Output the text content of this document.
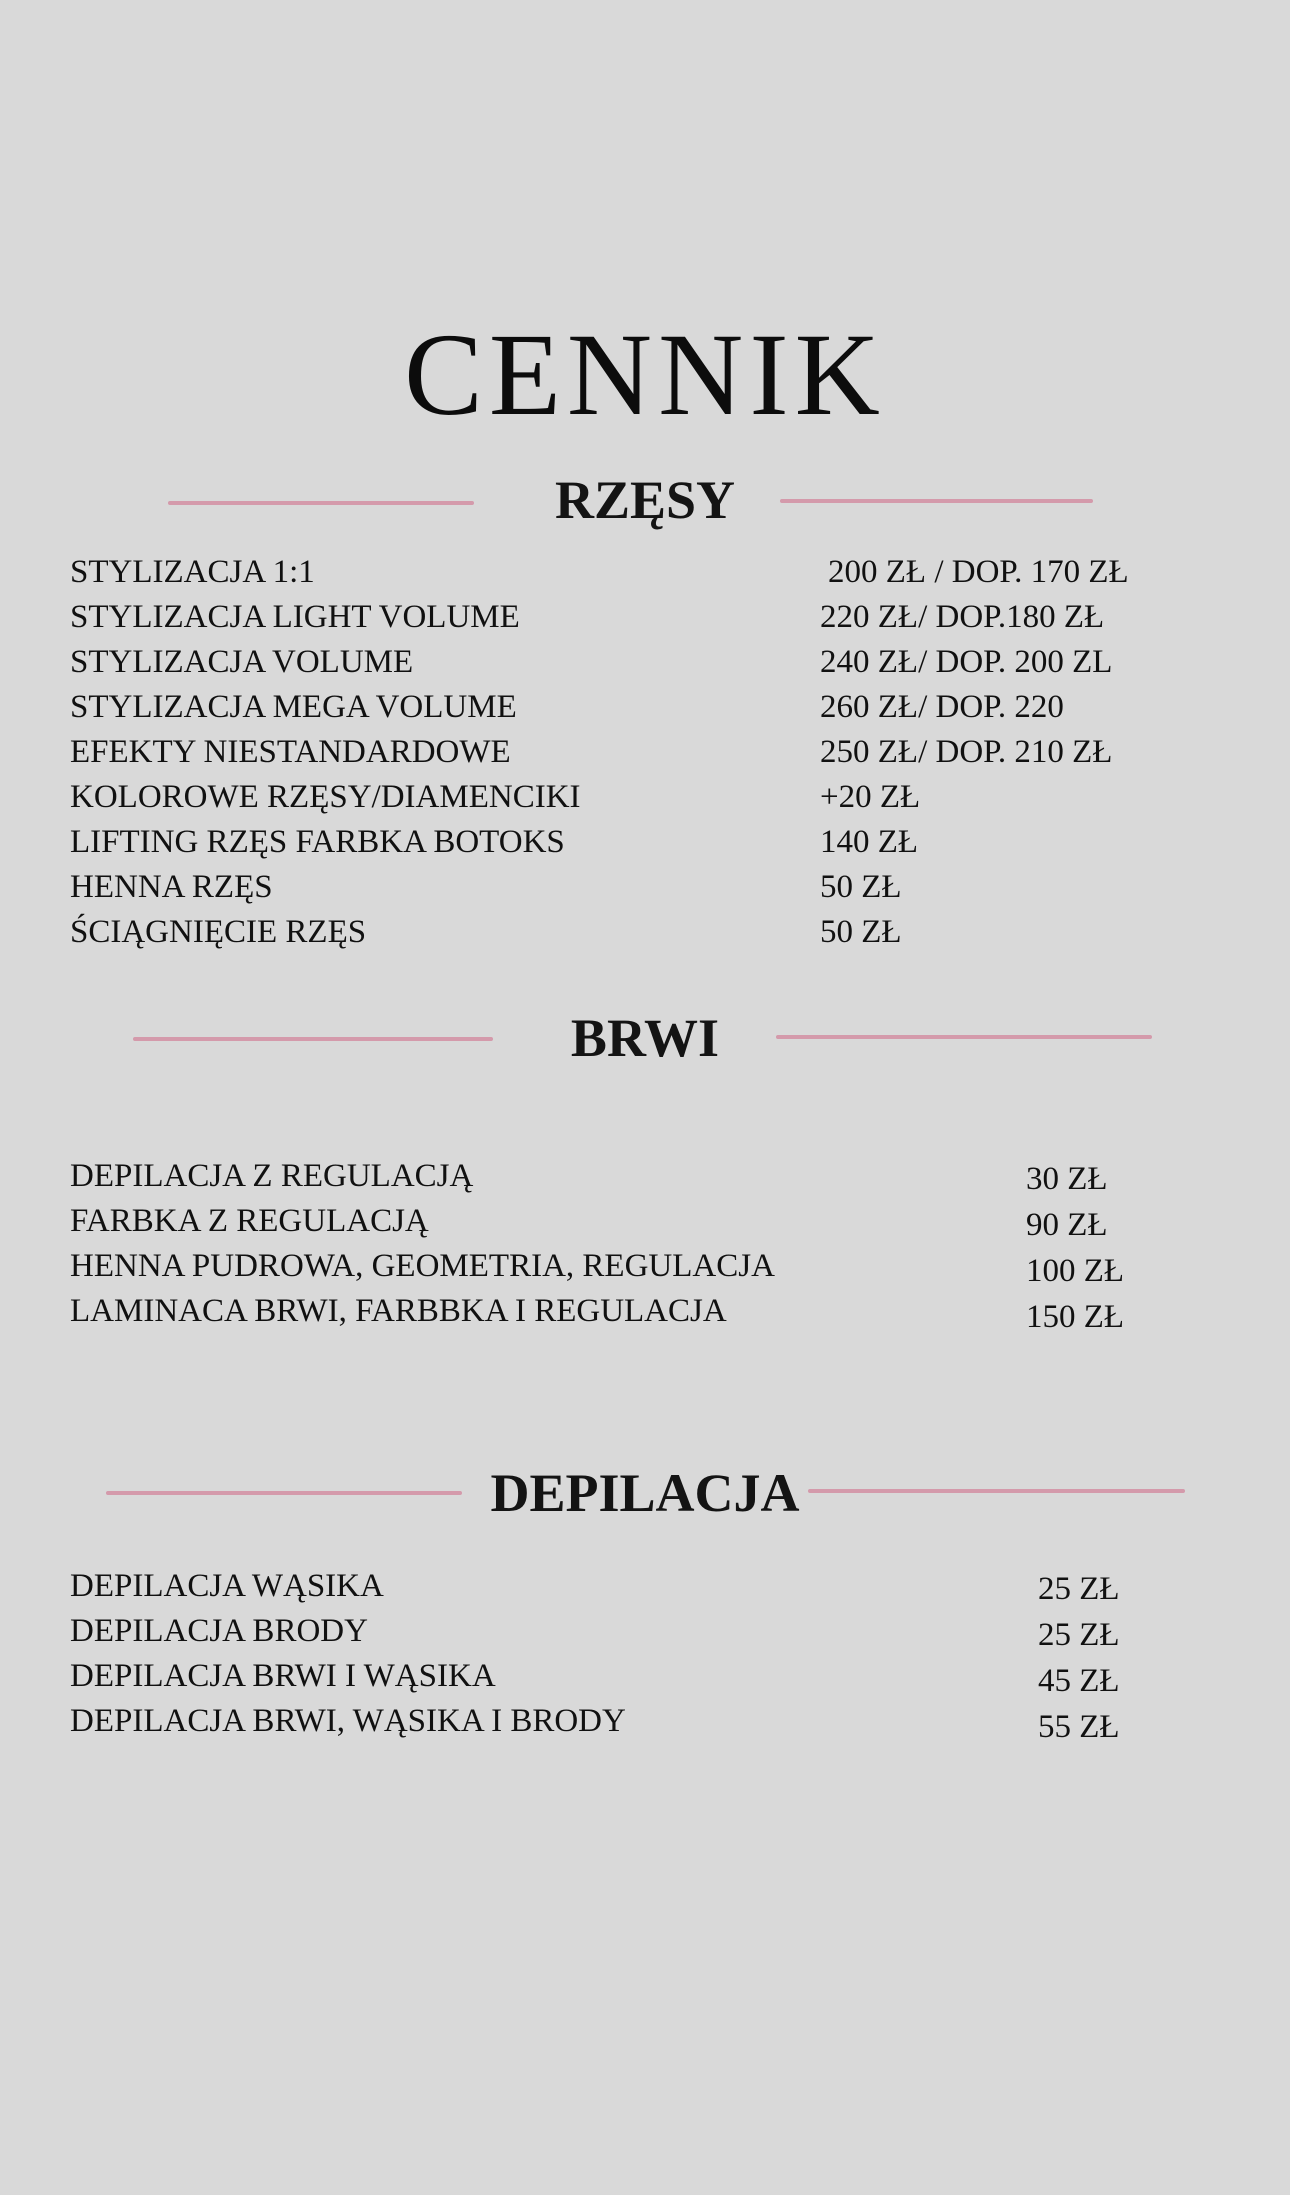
CENNIK
RZĘSY
STYLIZACJA 1:1	200 ZŁ / DOP. 170 ZŁ
STYLIZACJA LIGHT VOLUME	220 ZŁ/ DOP.180 ZŁ
STYLIZACJA VOLUME	240 ZŁ/ DOP. 200 ZL
STYLIZACJA MEGA VOLUME	260 ZŁ/ DOP. 220
EFEKTY NIESTANDARDOWE	250 ZŁ/ DOP. 210 ZŁ
KOLOROWE RZĘSY/DIAMENCIKI	+20 ZŁ
LIFTING RZĘS FARBKA BOTOKS	140 ZŁ
HENNA RZĘS	50 ZŁ
ŚCIĄGNIĘCIE RZĘS	50 ZŁ
BRWI
DEPILACJA Z REGULACJĄ	30 ZŁ
FARBKA Z REGULACJĄ	90 ZŁ
HENNA PUDROWA, GEOMETRIA, REGULACJA	100 ZŁ
LAMINACA BRWI, FARBBKA I REGULACJA	150 ZŁ
DEPILACJA
DEPILACJA WĄSIKA	25 ZŁ
DEPILACJA BRODY	25 ZŁ
DEPILACJA BRWI I WĄSIKA	45 ZŁ
DEPILACJA BRWI, WĄSIKA I BRODY	55 ZŁ
